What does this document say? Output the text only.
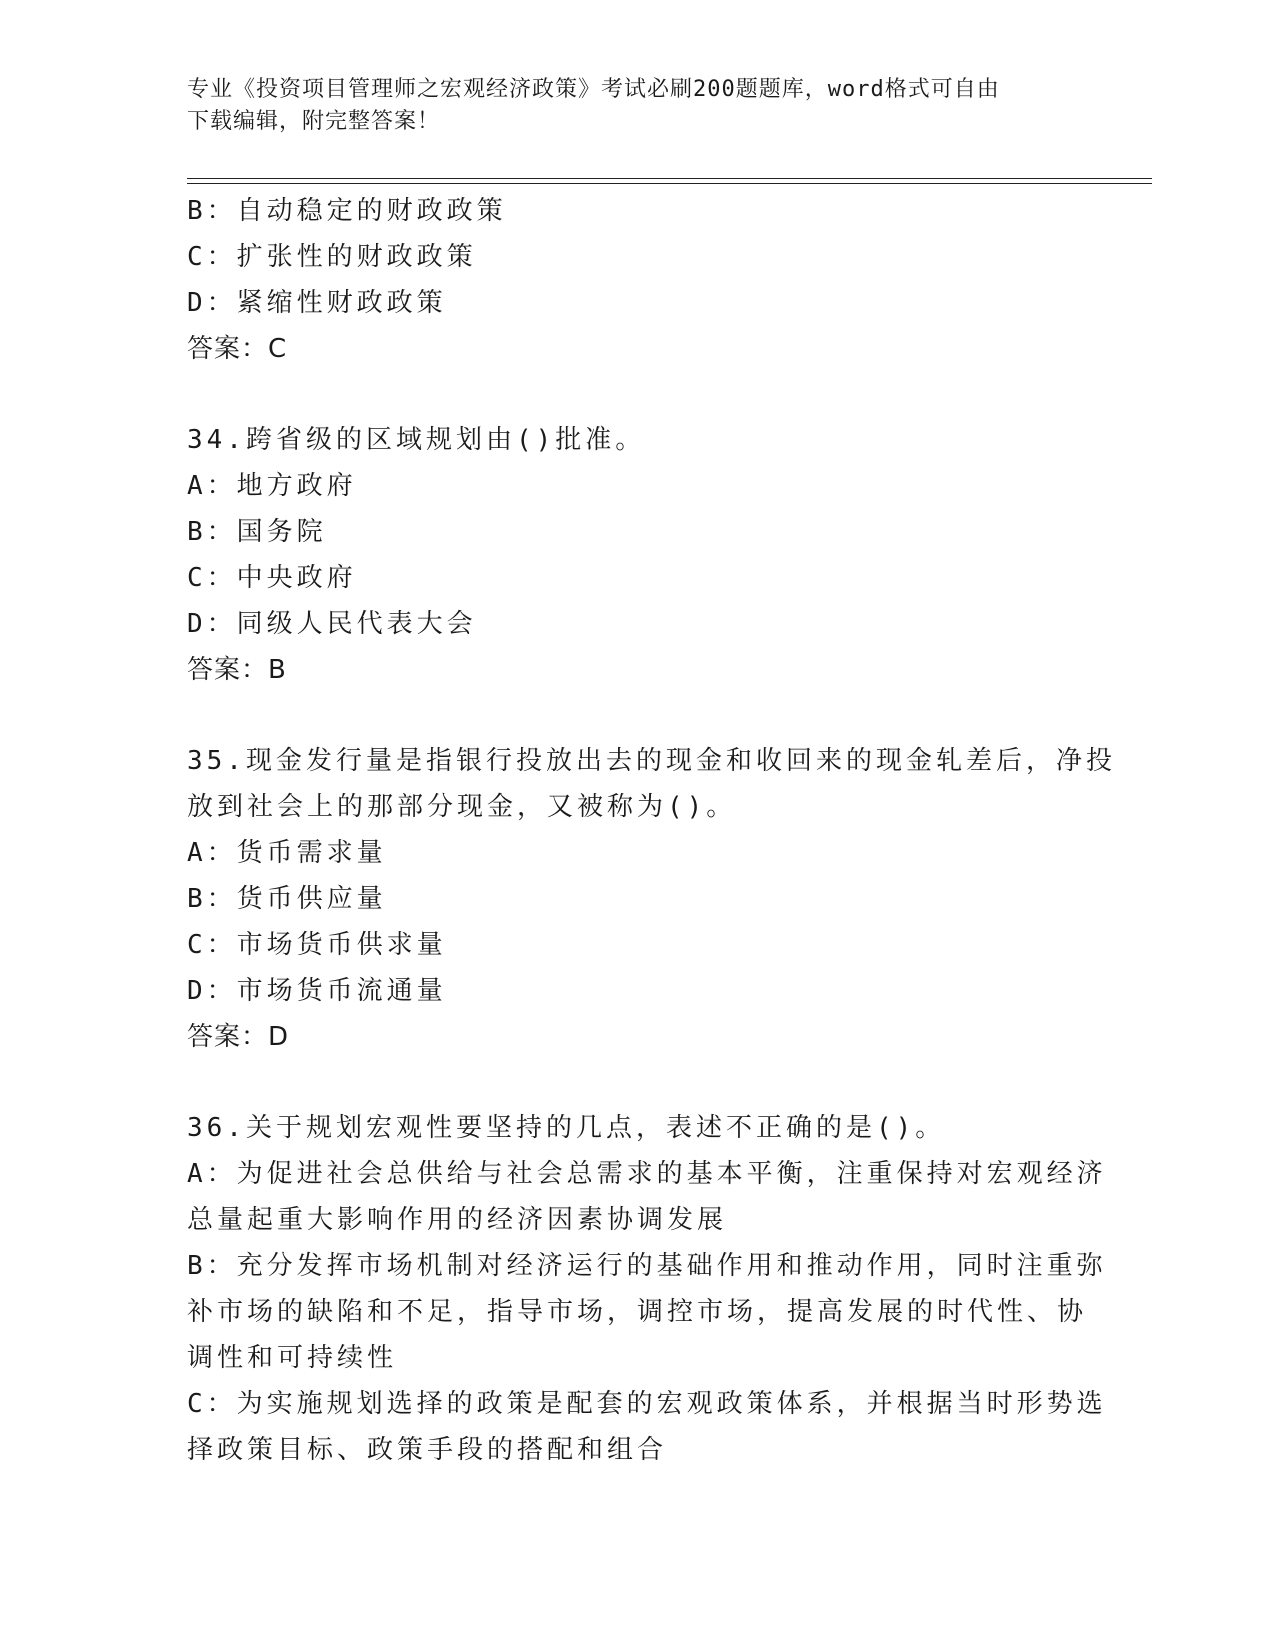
专业《投资项目管理师之宏观经济政策》考试必刷200题题库，word格式可自由
下载编辑，附完整答案！
B：自动稳定的财政政策
C：扩张性的财政政策
D：紧缩性财政政策
答案：C
34.跨省级的区域规划由()批准。
A：地方政府
B：国务院
C：中央政府
D：同级人民代表大会
答案：B
35.现金发行量是指银行投放出去的现金和收回来的现金轧差后，净投
放到社会上的那部分现金，又被称为()。
A：货币需求量
B：货币供应量
C：市场货币供求量
D：市场货币流通量
答案：D
36.关于规划宏观性要坚持的几点，表述不正确的是()。
A：为促进社会总供给与社会总需求的基本平衡，注重保持对宏观经济
总量起重大影响作用的经济因素协调发展
B：充分发挥市场机制对经济运行的基础作用和推动作用，同时注重弥
补市场的缺陷和不足，指导市场，调控市场，提高发展的时代性、协
调性和可持续性
C：为实施规划选择的政策是配套的宏观政策体系，并根据当时形势选
择政策目标、政策手段的搭配和组合
